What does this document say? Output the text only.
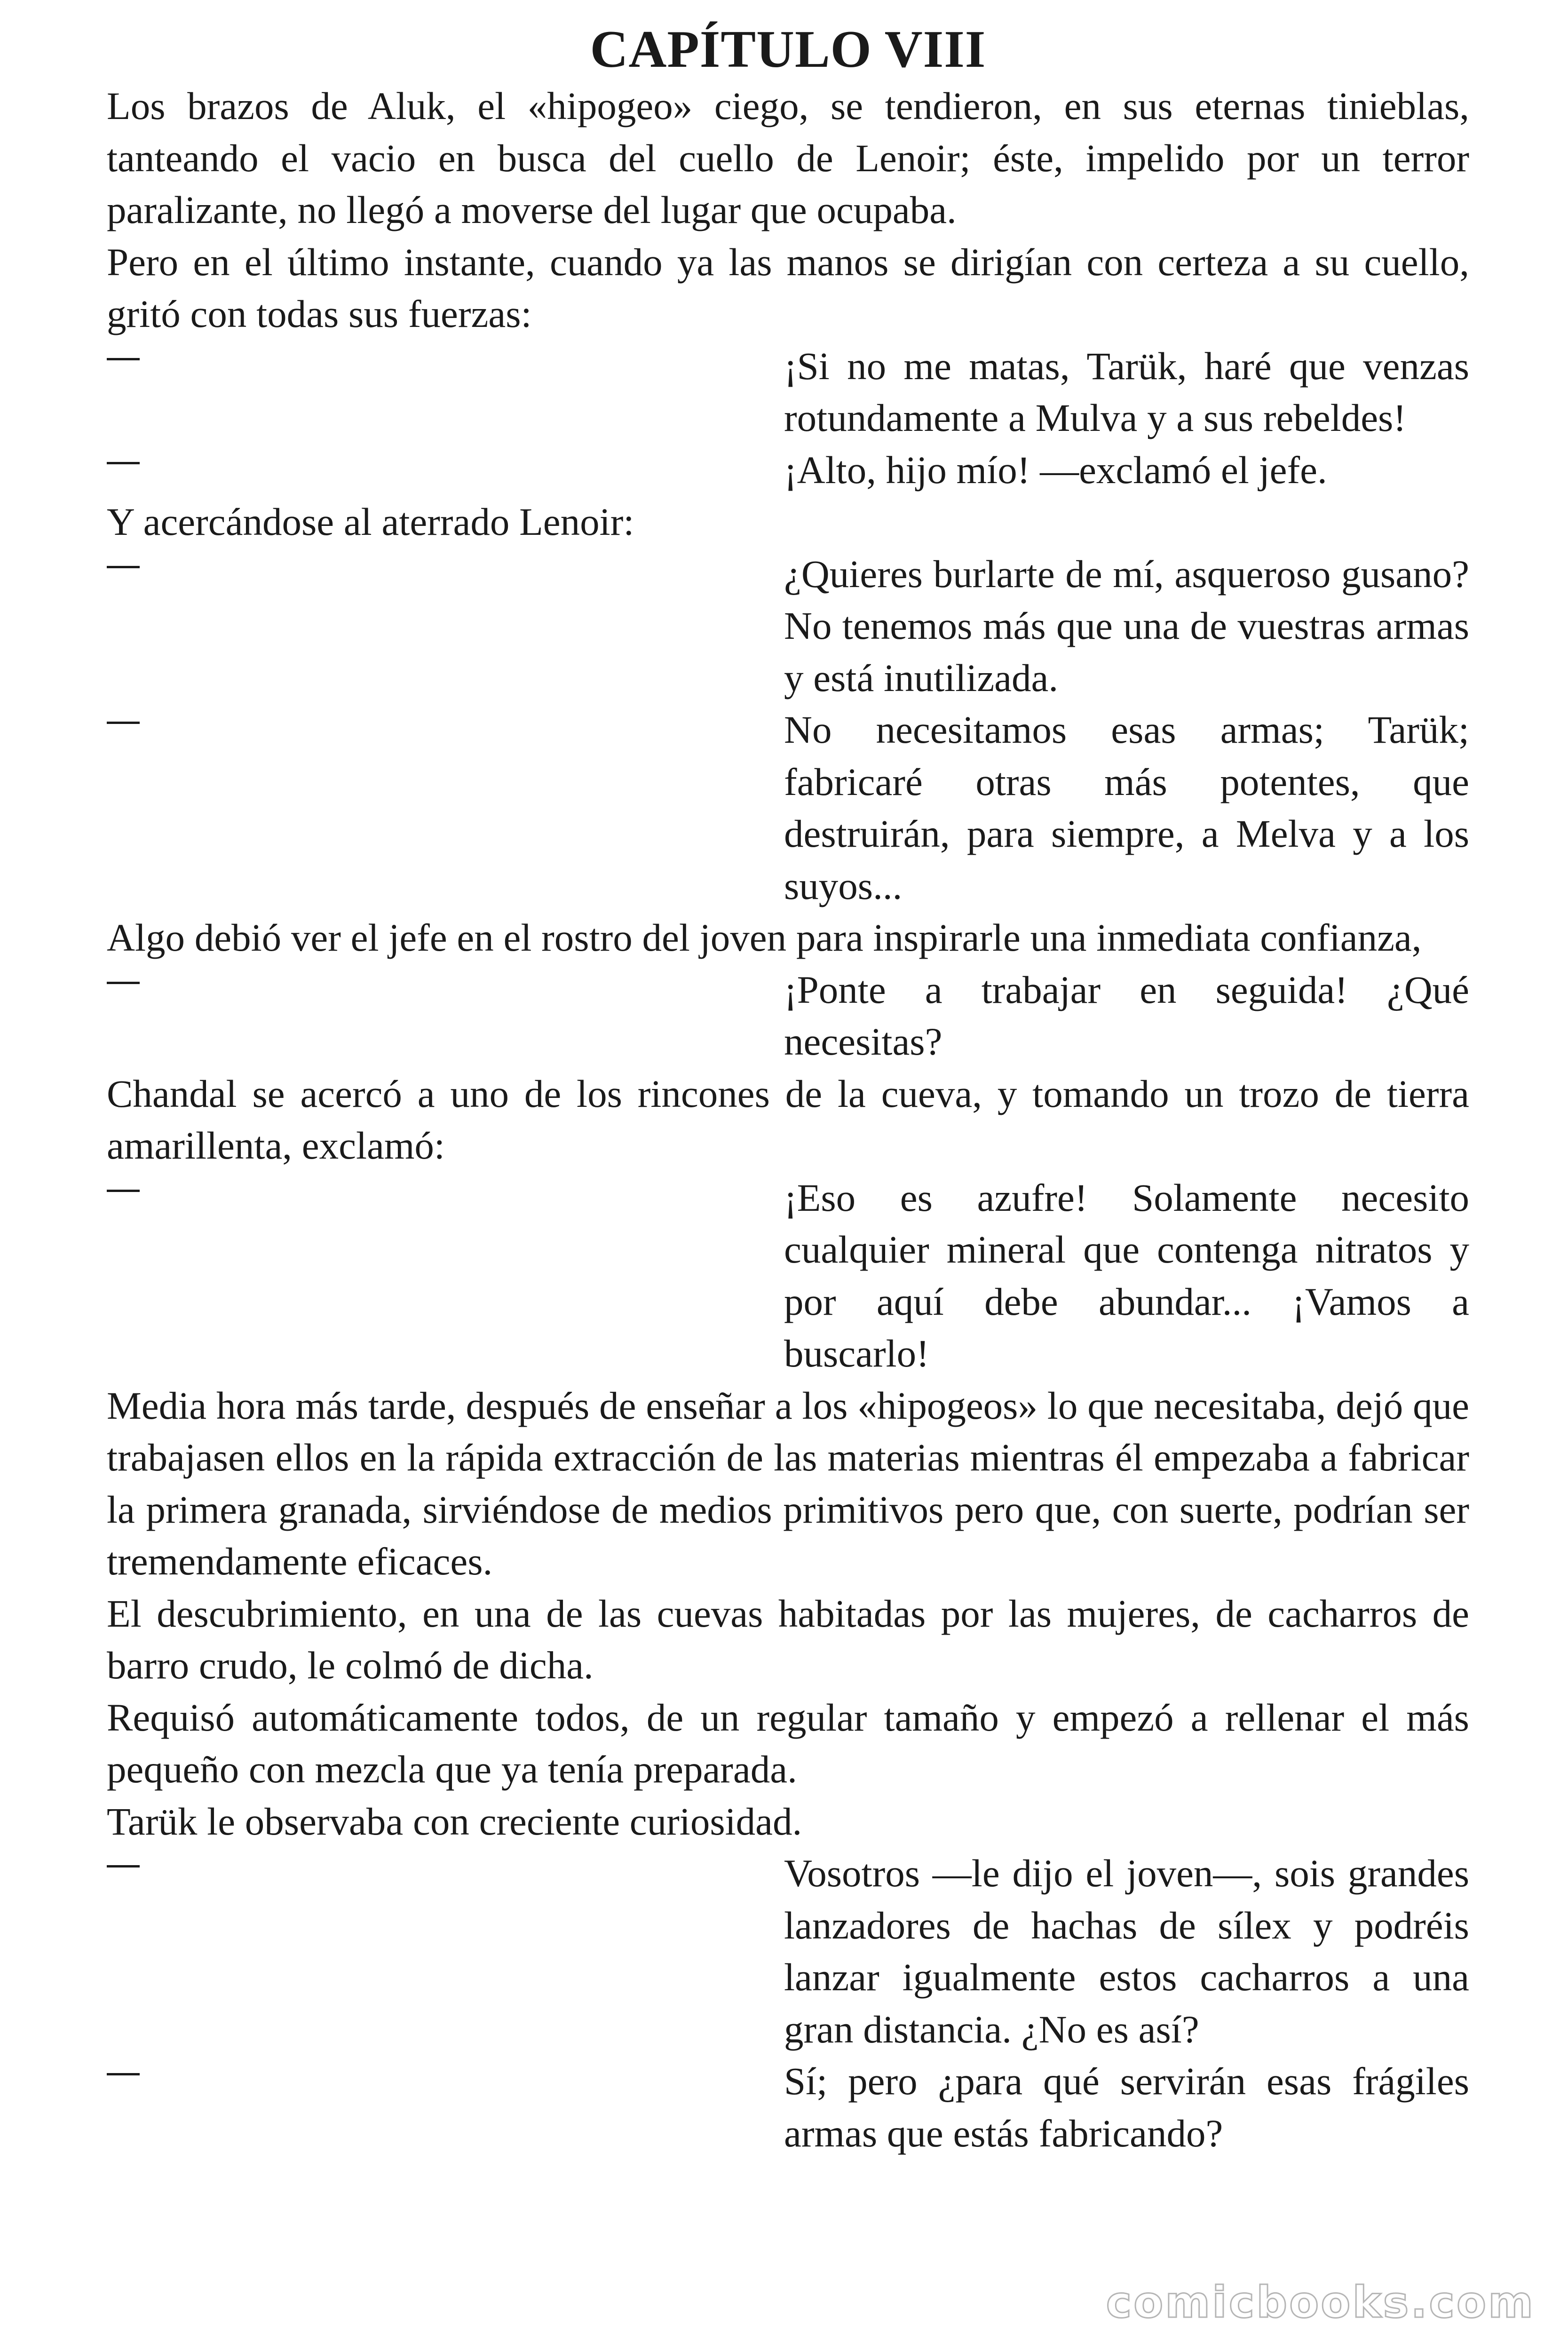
CAPÍTULO VIII
Los brazos de Aluk, el «hipogeo» ciego, se tendieron, en sus eternas tinieblas, tanteando el vacio en busca del cuello de Lenoir; éste, impelido por un terror paralizante, no llegó a moverse del lugar que ocupaba.
Pero en el último instante, cuando ya las manos se dirigían con certeza a su cuello, gritó con todas sus fuerzas:
¡Si no me matas, Tarük, haré que venzas rotundamente a Mulva y a sus rebeldes!
¡Alto, hijo mío! —exclamó el jefe.
Y acercándose al aterrado Lenoir:
¿Quieres burlarte de mí, asqueroso gusano? No tenemos más que una de vuestras armas y está inutilizada.
No necesitamos esas armas; Tarük; fabricaré otras más potentes, que destruirán, para siempre, a Melva y a los suyos...
Algo debió ver el jefe en el rostro del joven para inspirarle una inmediata confianza,
¡Ponte a trabajar en seguida! ¿Qué necesitas?
Chandal se acercó a uno de los rincones de la cueva, y tomando un trozo de tierra amarillenta, exclamó:
¡Eso es azufre! Solamente necesito cualquier mineral que contenga nitratos y por aquí debe abundar... ¡Vamos a buscarlo!
Media hora más tarde, después de enseñar a los «hipogeos» lo que necesitaba, dejó que trabajasen ellos en la rápida extracción de las materias mientras él empezaba a fabricar la primera granada, sirviéndose de medios primitivos pero que, con suerte, podrían ser tremendamente eficaces.
El descubrimiento, en una de las cuevas habitadas por las mujeres, de cacharros de barro crudo, le colmó de dicha.
Requisó automáticamente todos, de un regular tamaño y empezó a rellenar el más pequeño con mezcla que ya tenía preparada.
Tarük le observaba con creciente curiosidad.
Vosotros —le dijo el joven—, sois grandes lanzadores de hachas de sílex y podréis lanzar igualmente estos cacharros a una gran distancia. ¿No es así?
Sí; pero ¿para qué servirán esas frágiles armas que estás fabricando?
comicbooks.com
